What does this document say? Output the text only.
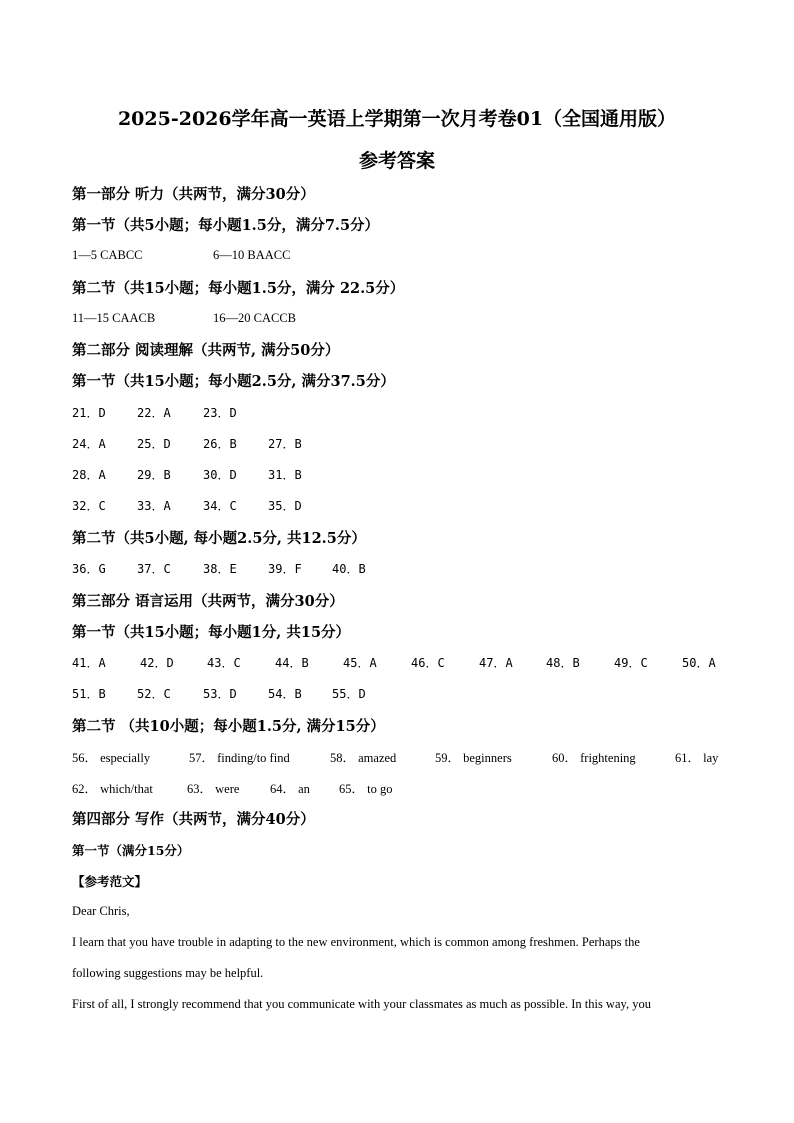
2025-2026学年高一英语上学期第一次月考卷01（全国通用版）
参考答案
第一部分 听力（共两节，满分30分）
第一节（共5小题；每小题1.5分，满分7.5分）
1—5 CABCC	6—10 BAACC
第二节（共15小题；每小题1.5分，满分 22.5分）
11—15 CAACB	16—20 CACCB
第二部分 阅读理解（共两节, 满分50分）
第一节（共15小题；每小题2.5分, 满分37.5分）
21．D	22．A	23．D
24．A	25．D	26．B	27．B
28．A	29．B	30．D	31．B
32．C	33．A	34．C	35．D
第二节（共5小题, 每小题2.5分, 共12.5分）
36．G	37．C	38．E	39．F	40．B
第三部分 语言运用（共两节，满分30分）
第一节（共15小题；每小题1分, 共15分）
41．A	42．D	43．C	44．B	45．A	46．C	47．A	48．B	49．C	50．A
51．B	52．C	53．D	54．B	55．D
第二节 （共10小题；每小题1.5分, 满分15分）
56． especially	57． finding/to find	58． amazed	59． beginners	60． frightening	61． lay
62． which/that	63． were 64． an 65． to go
第四部分 写作（共两节，满分40分）
第一节（满分15分）
【参考范文】
Dear Chris,
I learn that you have trouble in adapting to the new environment, which is common among freshmen. Perhaps the
following suggestions may be helpful.
First of all, I strongly recommend that you communicate with your classmates as much as possible. In this way, you
